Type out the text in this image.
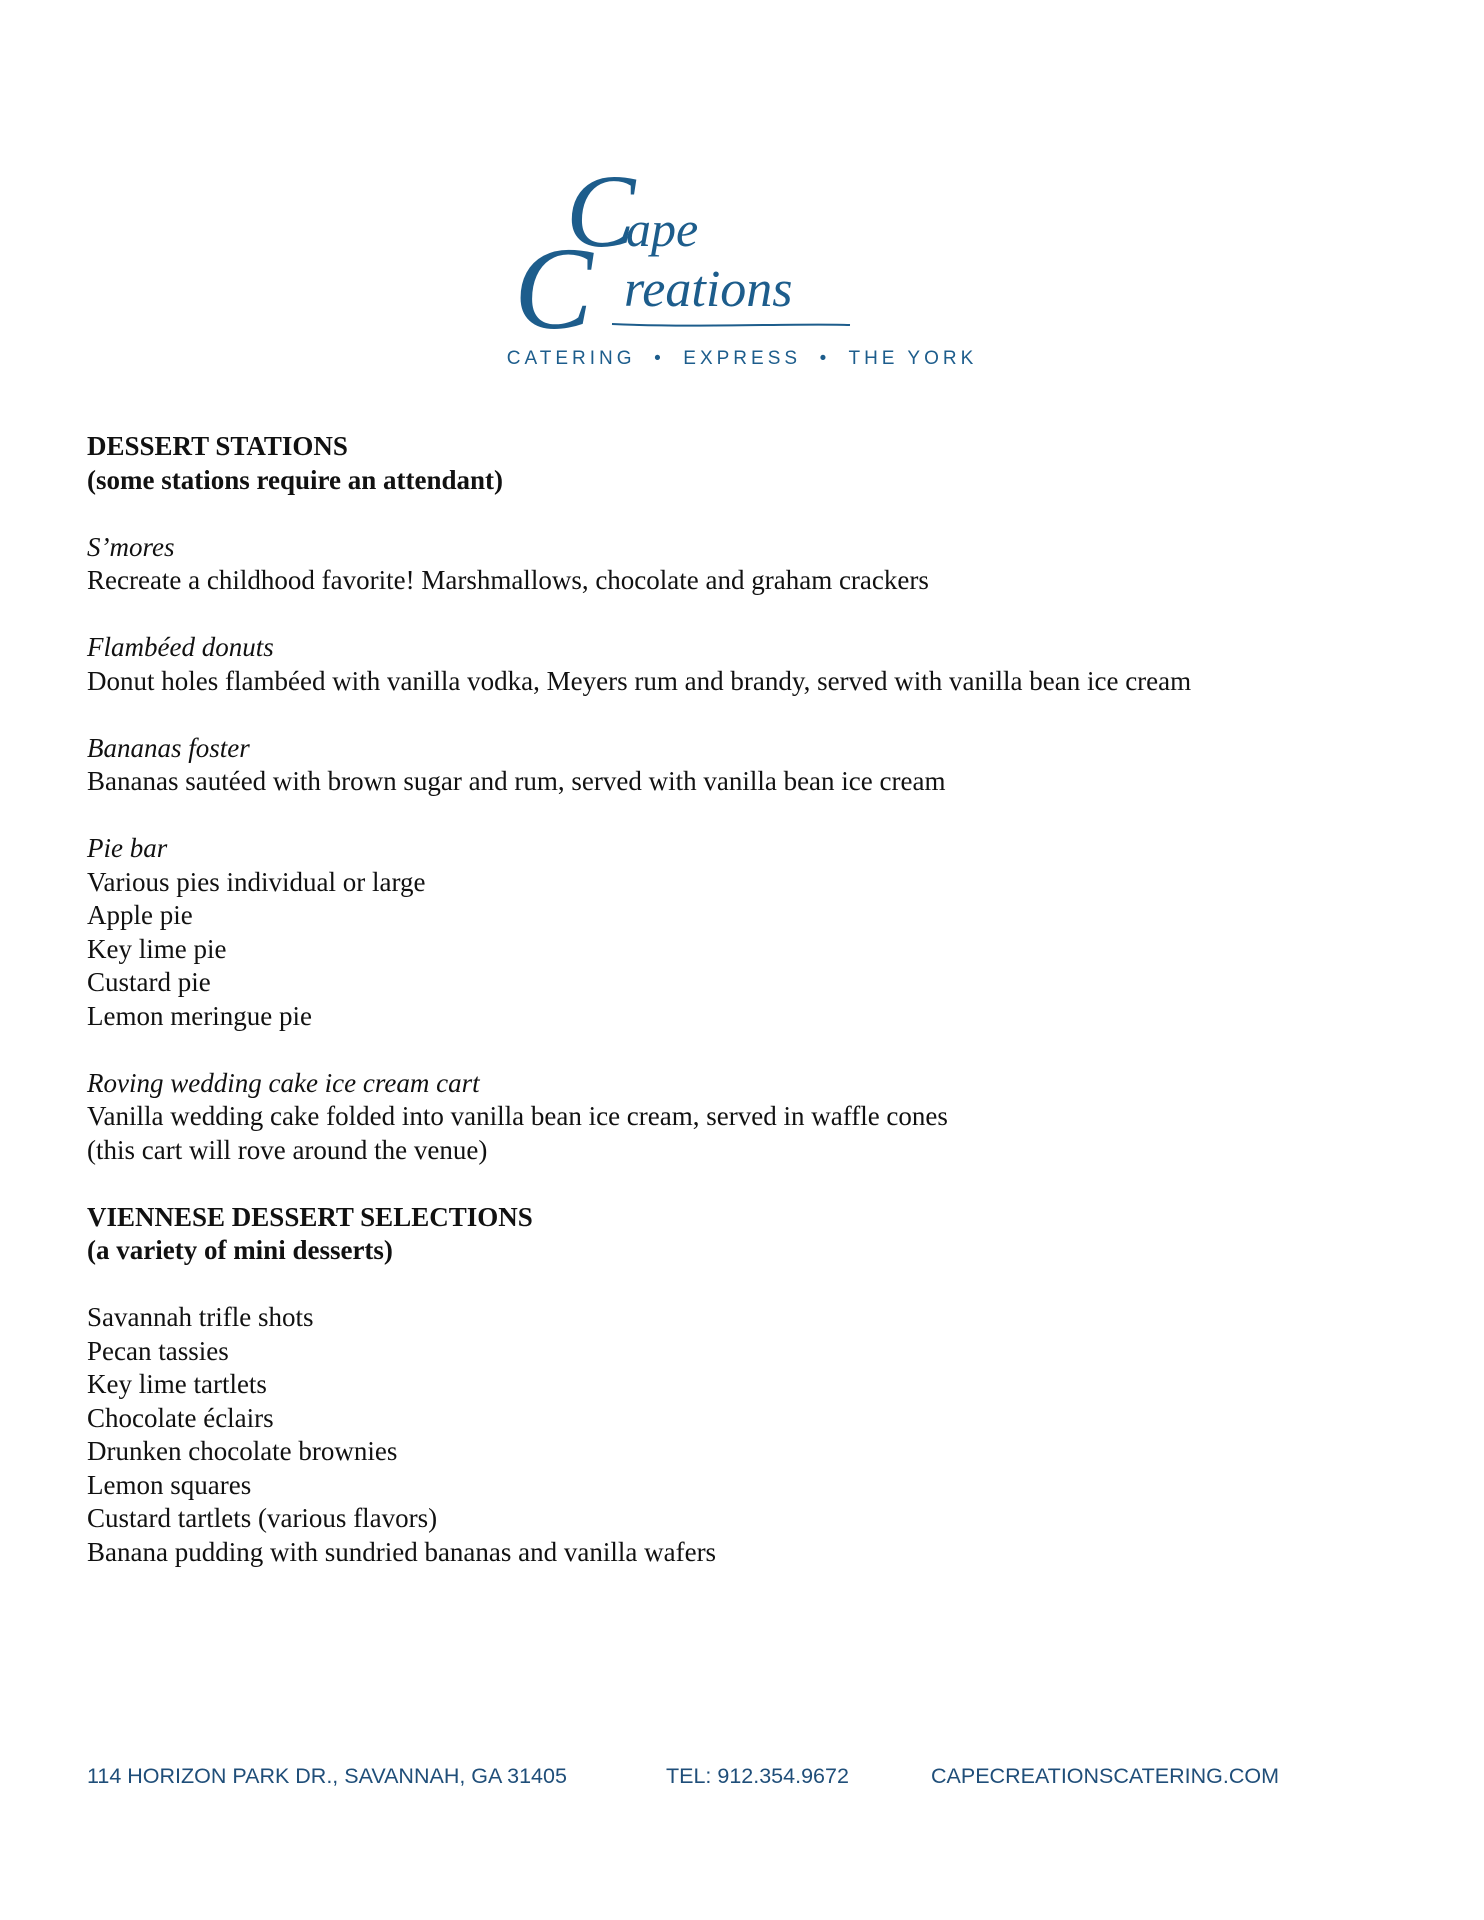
C
ape
reations
C
CATERING  •  EXPRESS  •  THE YORK

DESSERT STATIONS

(some stations require an attendant)

S’mores

Recreate a childhood favorite! Marshmallows, chocolate and graham crackers

Flambéed donuts

Donut holes flambéed with vanilla vodka, Meyers rum and brandy, served with vanilla bean ice cream

Bananas foster

Bananas sautéed with brown sugar and rum, served with vanilla bean ice cream

Pie bar

Various pies individual or large

Apple pie

Key lime pie

Custard pie

Lemon meringue pie

Roving wedding cake ice cream cart

Vanilla wedding cake folded into vanilla bean ice cream, served in waffle cones

(this cart will rove around the venue)

VIENNESE DESSERT SELECTIONS

(a variety of mini desserts)

Savannah trifle shots

Pecan tassies

Key lime tartlets

Chocolate éclairs

Drunken chocolate brownies

Lemon squares

Custard tartlets (various flavors)

Banana pudding with sundried bananas and vanilla wafers

114 HORIZON PARK DR., SAVANNAH, GA 31405	TEL: 912.354.9672	CAPECREATIONSCATERING.COM
